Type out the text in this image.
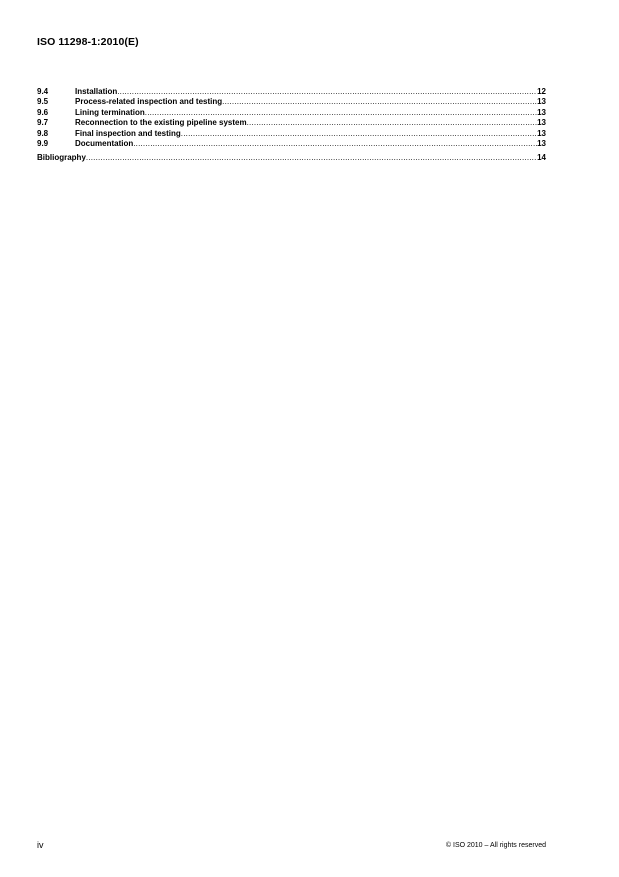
ISO 11298-1:2010(E)
9.4	Installation .....	12
9.5	Process-related inspection and testing .....	13
9.6	Lining termination .....	13
9.7	Reconnection to the existing pipeline system .....	13
9.8	Final inspection and testing .....	13
9.9	Documentation .....	13
Bibliography .....	14
iv	© ISO 2010 – All rights reserved
